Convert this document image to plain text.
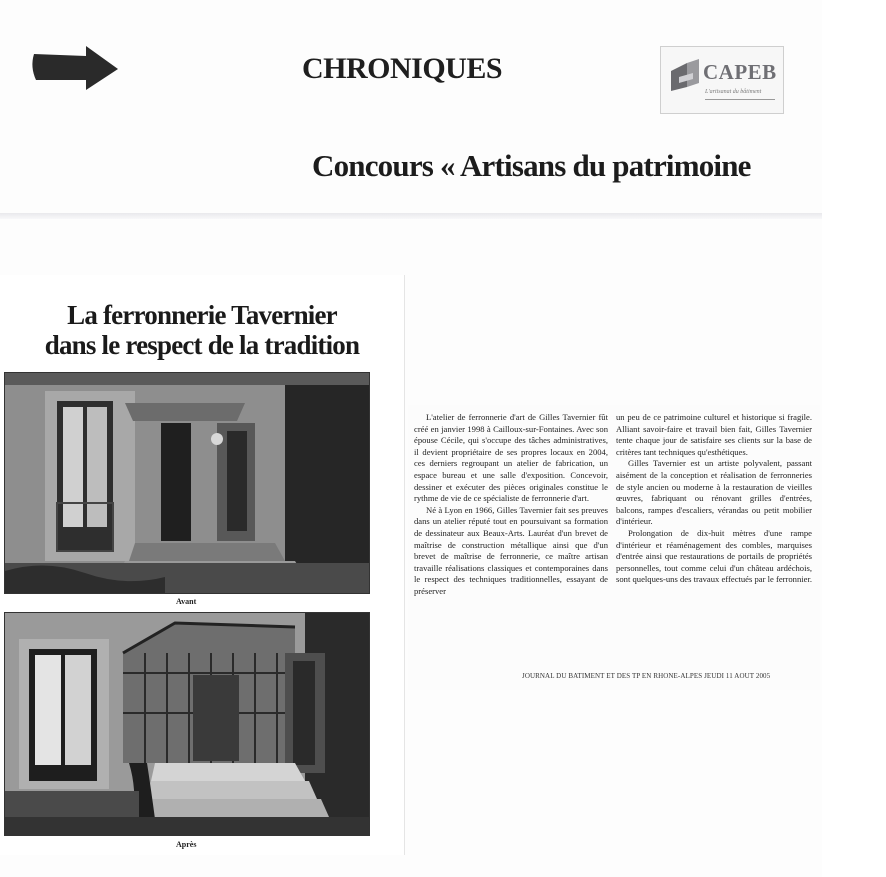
CHRONIQUES	CAPEB
L'artisanat du bâtiment
Concours « Artisans du patrimoine
La ferronnerie Tavernier
dans le respect de la tradition
Avant
Après

L'atelier de ferronnerie d'art de Gilles Tavernier fût créé en janvier 1998 à Cailloux-sur-Fontaines. Avec son épouse Cécile, qui s'occupe des tâches administratives, il devient propriétaire de ses propres locaux en 2004, ces derniers regroupant un atelier de fabrication, un espace bureau et une salle d'exposition. Concevoir, dessiner et exécuter des pièces originales constitue le rythme de vie de ce spécialiste de ferronnerie d'art.

Né à Lyon en 1966, Gilles Tavernier fait ses preuves dans un atelier réputé tout en poursuivant sa formation de dessinateur aux Beaux-Arts. Lauréat d'un brevet de maîtrise de construction métallique ainsi que d'un brevet de maîtrise de ferronnerie, ce maître artisan travaille réalisations classiques et contemporaines dans le respect des techniques traditionnelles, essayant de préserver

un peu de ce patrimoine culturel et historique si fragile. Alliant savoir-faire et travail bien fait, Gilles Tavernier tente chaque jour de satisfaire ses clients sur la base de critères tant techniques qu'esthétiques.

Gilles Tavernier est un artiste polyvalent, passant aisément de la conception et réalisation de ferronneries de style ancien ou moderne à la restauration de vieilles œuvres, fabriquant ou rénovant grilles d'entrées, balcons, rampes d'escaliers, vérandas ou petit mobilier d'intérieur.

Prolongation de dix-huit mètres d'une rampe d'intérieur et réaménagement des combles, marquises d'entrée ainsi que restaurations de portails de propriétés personnelles, tout comme celui d'un château ardéchois, sont quelques-uns des travaux effectués par le ferronnier.

JOURNAL DU BATIMENT ET DES TP EN RHONE-ALPES JEUDI 11 AOUT 2005
